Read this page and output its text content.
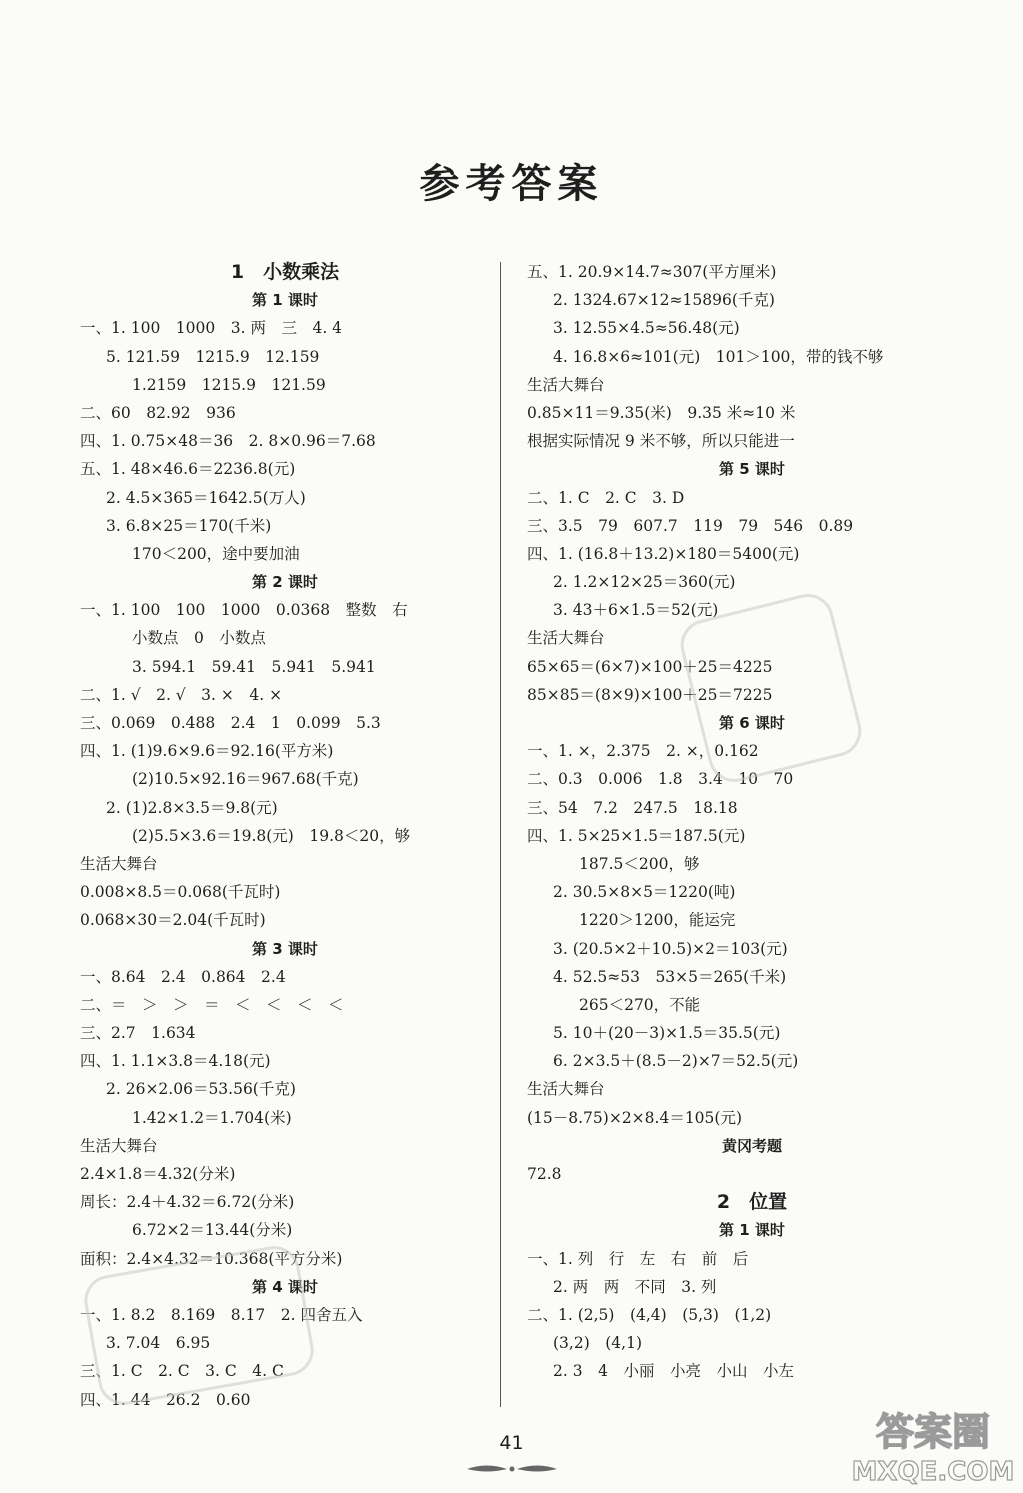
参考答案
1　小数乘法
第 1 课时
一、1. 100　1000　3. 两　三　4. 4
5. 121.59　1215.9　12.159
1.2159　1215.9　121.59
二、60　82.92　936
四、1. 0.75×48＝36　2. 8×0.96＝7.68
五、1. 48×46.6＝2236.8(元)
2. 4.5×365＝1642.5(万人)
3. 6.8×25＝170(千米)
170＜200，途中要加油
第 2 课时
一、1. 100　100　1000　0.0368　整数　右
小数点　0　小数点
3. 594.1　59.41　5.941　5.941
二、1. √　2. √　3. ×　4. ×
三、0.069　0.488　2.4　1　0.099　5.3
四、1. (1)9.6×9.6＝92.16(平方米)
(2)10.5×92.16＝967.68(千克)
2. (1)2.8×3.5＝9.8(元)
(2)5.5×3.6＝19.8(元)　19.8＜20，够
生活大舞台
0.008×8.5＝0.068(千瓦时)
0.068×30＝2.04(千瓦时)
第 3 课时
一、8.64　2.4　0.864　2.4
二、＝　＞　＞　＝　＜　＜　＜　＜
三、2.7　1.634
四、1. 1.1×3.8＝4.18(元)
2. 26×2.06＝53.56(千克)
1.42×1.2＝1.704(米)
生活大舞台
2.4×1.8＝4.32(分米)
周长：2.4＋4.32＝6.72(分米)
6.72×2＝13.44(分米)
面积：2.4×4.32＝10.368(平方分米)
第 4 课时
一、1. 8.2　8.169　8.17　2. 四舍五入
3. 7.04　6.95
三、1. C　2. C　3. C　4. C
四、1. 44　26.2　0.60
五、1. 20.9×14.7≈307(平方厘米)
2. 1324.67×12≈15896(千克)
3. 12.55×4.5≈56.48(元)
4. 16.8×6≈101(元)　101＞100，带的钱不够
生活大舞台
0.85×11＝9.35(米)　9.35 米≈10 米
根据实际情况 9 米不够，所以只能进一
第 5 课时
二、1. C　2. C　3. D
三、3.5　79　607.7　119　79　546　0.89
四、1. (16.8＋13.2)×180＝5400(元)
2. 1.2×12×25＝360(元)
3. 43＋6×1.5＝52(元)
生活大舞台
65×65＝(6×7)×100＋25＝4225
85×85＝(8×9)×100＋25＝7225
第 6 课时
一、1. ×，2.375　2. ×，0.162
二、0.3　0.006　1.8　3.4　10　70
三、54　7.2　247.5　18.18
四、1. 5×25×1.5＝187.5(元)
187.5＜200，够
2. 30.5×8×5＝1220(吨)
1220＞1200，能运完
3. (20.5×2＋10.5)×2＝103(元)
4. 52.5≈53　53×5＝265(千米)
265＜270，不能
5. 10＋(20－3)×1.5＝35.5(元)
6. 2×3.5＋(8.5－2)×7＝52.5(元)
生活大舞台
(15－8.75)×2×8.4＝105(元)
黄冈考题
72.8
2　位置
第 1 课时
一、1. 列　行　左　右　前　后
2. 两　两　不同　3. 列
二、1. (2,5)　(4,4)　(5,3)　(1,2)
(3,2)　(4,1)
2. 3　4　小丽　小亮　小山　小左
41	答案圈
MXQE.COM
